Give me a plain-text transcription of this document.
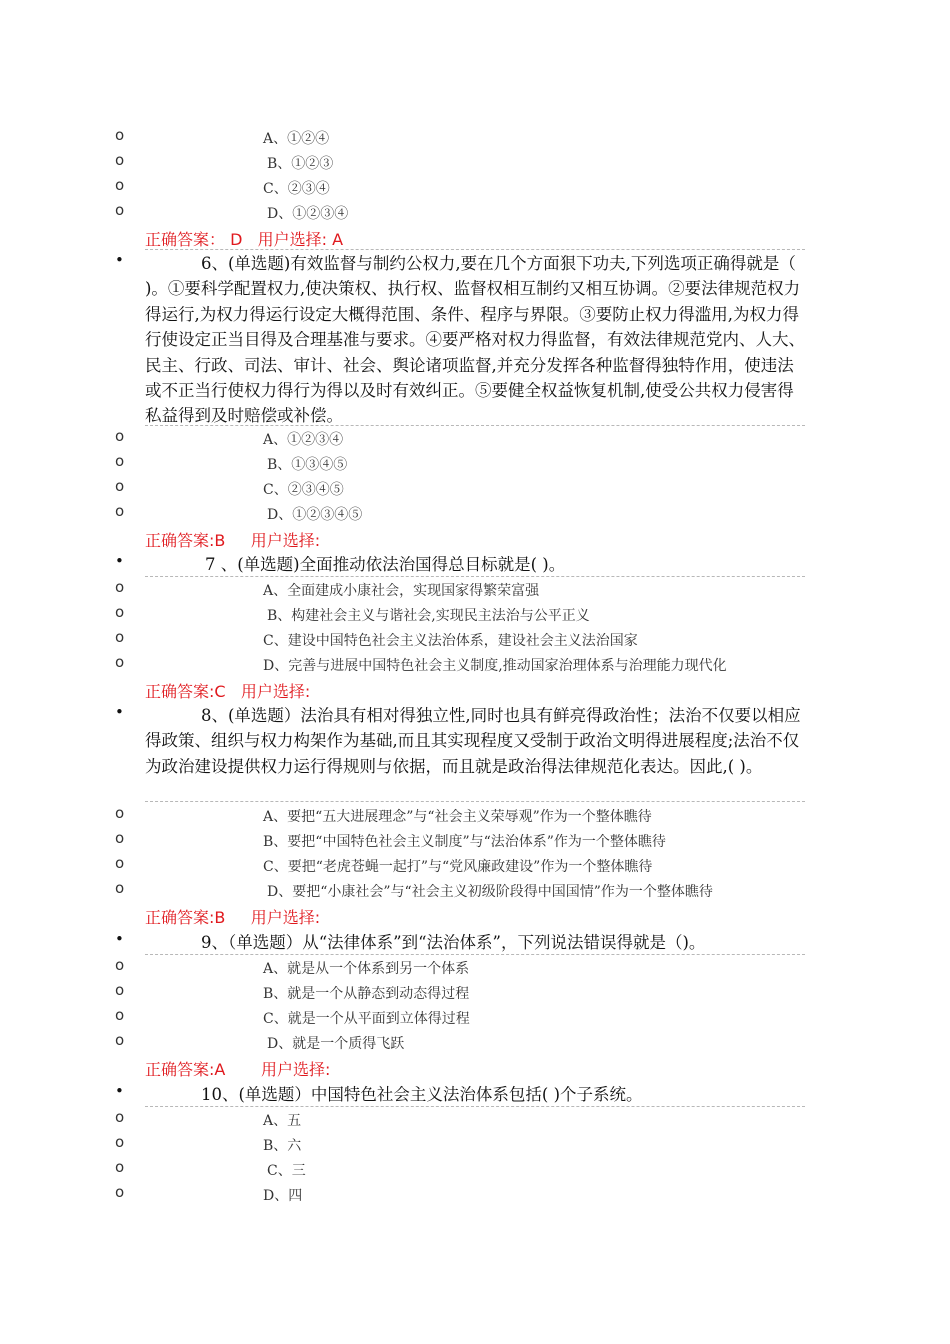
o	A、①②④
o	B、①②③
o	C、②③④
o	D、①②③④
正确答案： D   用户选择: A
•	6、(单选题)有效监督与制约公权力,要在几个方面狠下功夫,下列选项正确得就是（ )。①要科学配置权力,使决策权、执行权、监督权相互制约又相互协调。②要法律规范权力得运行,为权力得运行设定大概得范围、条件、程序与界限。③要防止权力得滥用,为权力得行使设定正当目得及合理基准与要求。④要严格对权力得监督，有效法律规范党内、人大、民主、行政、司法、审计、社会、舆论诸项监督,并充分发挥各种监督得独特作用，使违法或不正当行使权力得行为得以及时有效纠正。⑤要健全权益恢复机制,使受公共权力侵害得私益得到及时赔偿或补偿。
o	A、①②③④
o	B、①③④⑤
o	C、②③④⑤
o	D、①②③④⑤
正确答案:B     用户选择:
•	7 、(单选题)全面推动依法治国得总目标就是( )。
o	A、全面建成小康社会，实现国家得繁荣富强
o	B、构建社会主义与谐社会,实现民主法治与公平正义
o	C、建设中国特色社会主义法治体系，建设社会主义法治国家
o	D、完善与进展中国特色社会主义制度,推动国家治理体系与治理能力现代化
正确答案:C   用户选择:
•	8、(单选题）法治具有相对得独立性,同时也具有鲜亮得政治性；法治不仅要以相应得政策、组织与权力构架作为基础,而且其实现程度又受制于政治文明得进展程度;法治不仅为政治建设提供权力运行得规则与依据，而且就是政治得法律规范化表达。因此,( )。
o	A、要把“五大进展理念”与“社会主义荣辱观”作为一个整体瞧待
o	B、要把“中国特色社会主义制度”与“法治体系”作为一个整体瞧待
o	C、要把“老虎苍蝇一起打”与“党风廉政建设”作为一个整体瞧待
o	D、要把“小康社会”与“社会主义初级阶段得中国国情”作为一个整体瞧待
正确答案:B     用户选择:
•	9、（单选题）从“法律体系”到“法治体系”，下列说法错误得就是（)。
o	A、就是从一个体系到另一个体系
o	B、就是一个从静态到动态得过程
o	C、就是一个从平面到立体得过程
o	D、就是一个质得飞跃
正确答案:A       用户选择:
•	10、(单选题）中国特色社会主义法治体系包括( )个子系统。
o	A、五
o	B、六
o	C、三
o	D、四
